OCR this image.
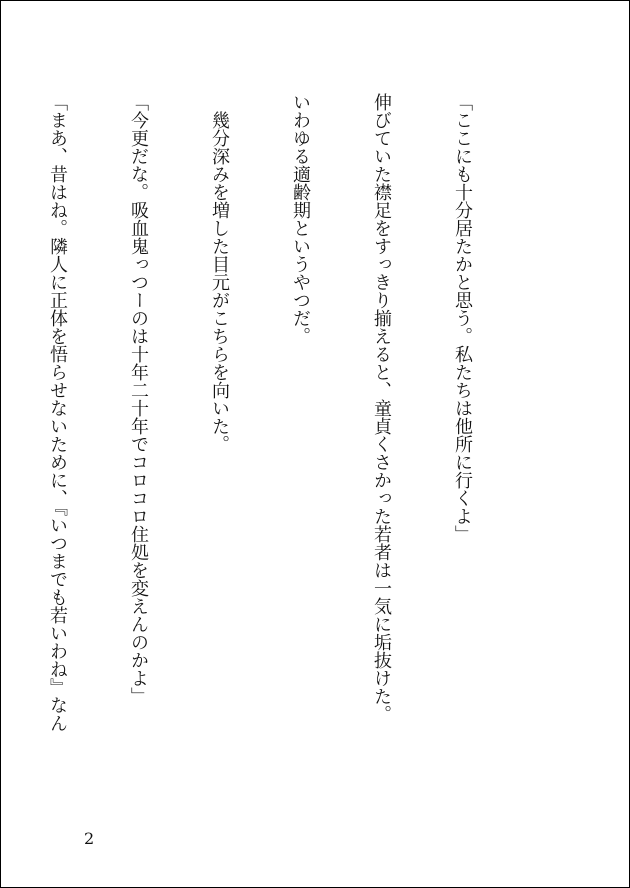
「ここにも十分居たかと思う。私たちは他所に行くよ」

伸びていた襟足をすっきり揃えると、童貞くさかった若者は一気に垢抜けた。

いわゆる適齢期というやつだ。

　幾分深みを増した目元がこちらを向いた。

「今更だな。吸血鬼っつーのは十年二十年でコロコロ住処を変えんのかよ」

「まあ、昔はね。隣人に正体を悟らせないために、『いつまでも若いわね』なん

2
